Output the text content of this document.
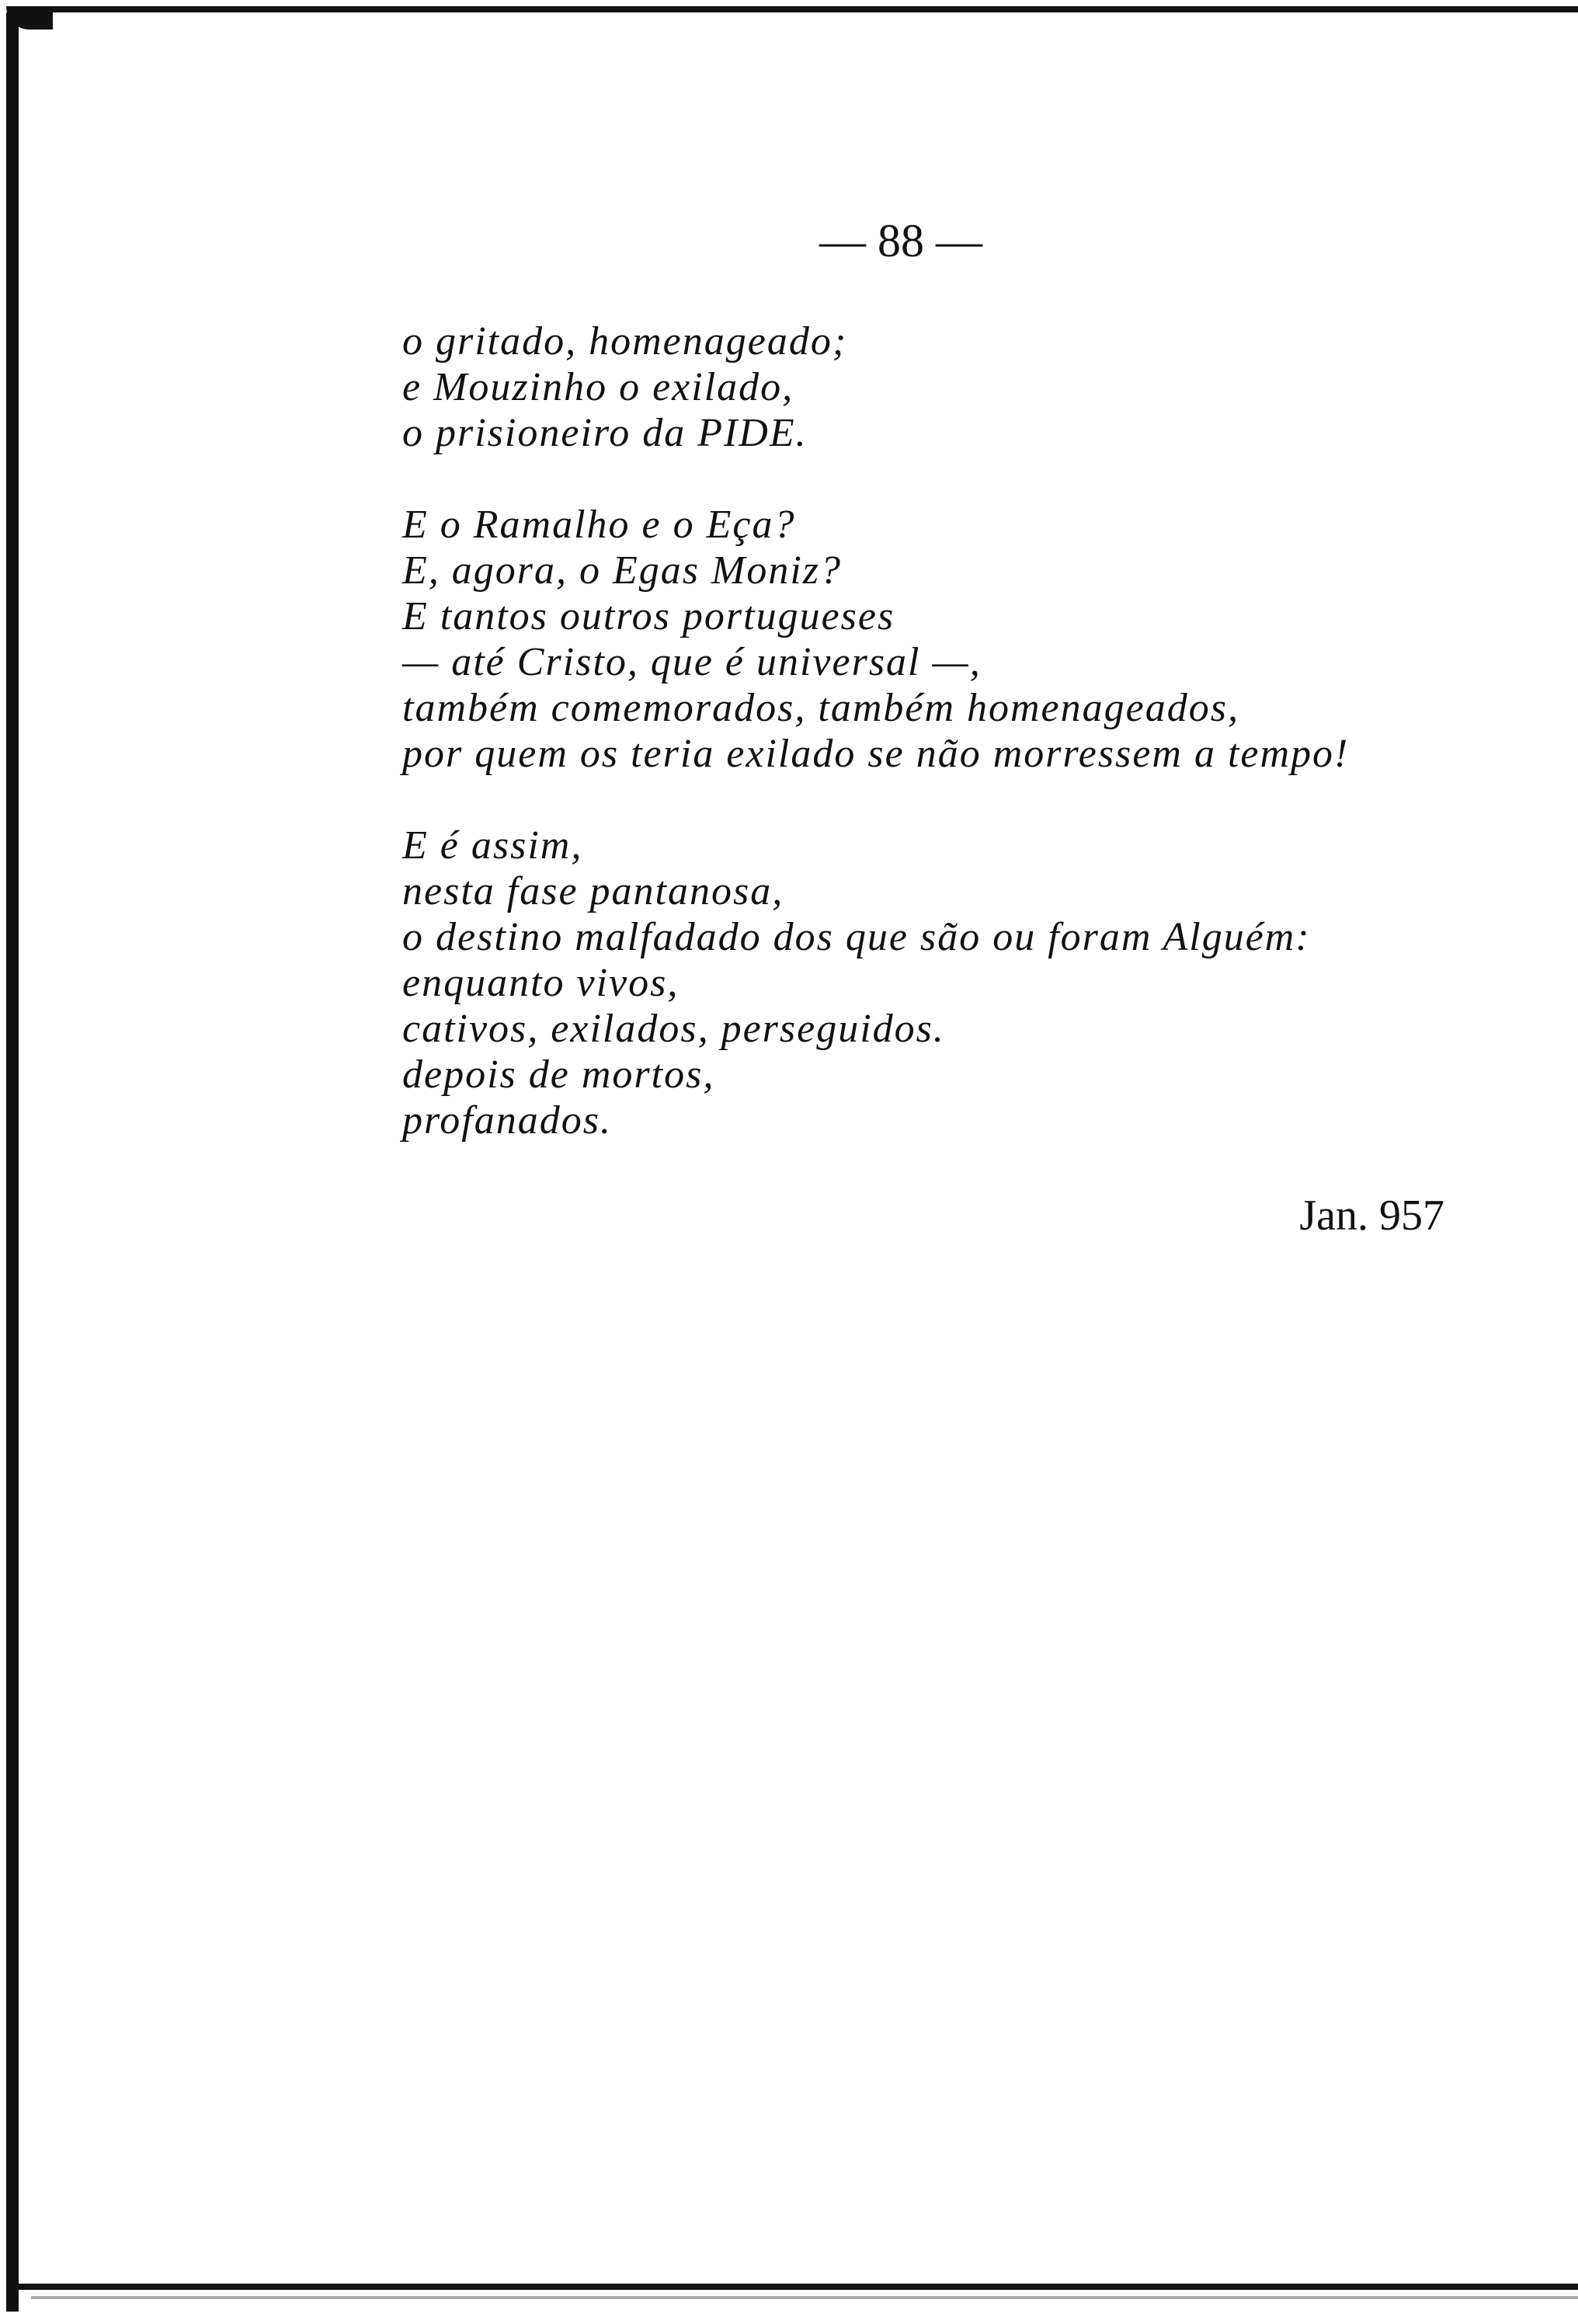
— 88 —
o gritado, homenageado;
e Mouzinho o exilado,
o prisioneiro da PIDE.
E o Ramalho e o Eça?
E, agora, o Egas Moniz?
E tantos outros portugueses
— até Cristo, que é universal —,
também comemorados, também homenageados,
por quem os teria exilado se não morressem a tempo!
E é assim,
nesta fase pantanosa,
o destino malfadado dos que são ou foram Alguém:
enquanto vivos,
cativos, exilados, perseguidos.
depois de mortos,
profanados.
Jan. 957
